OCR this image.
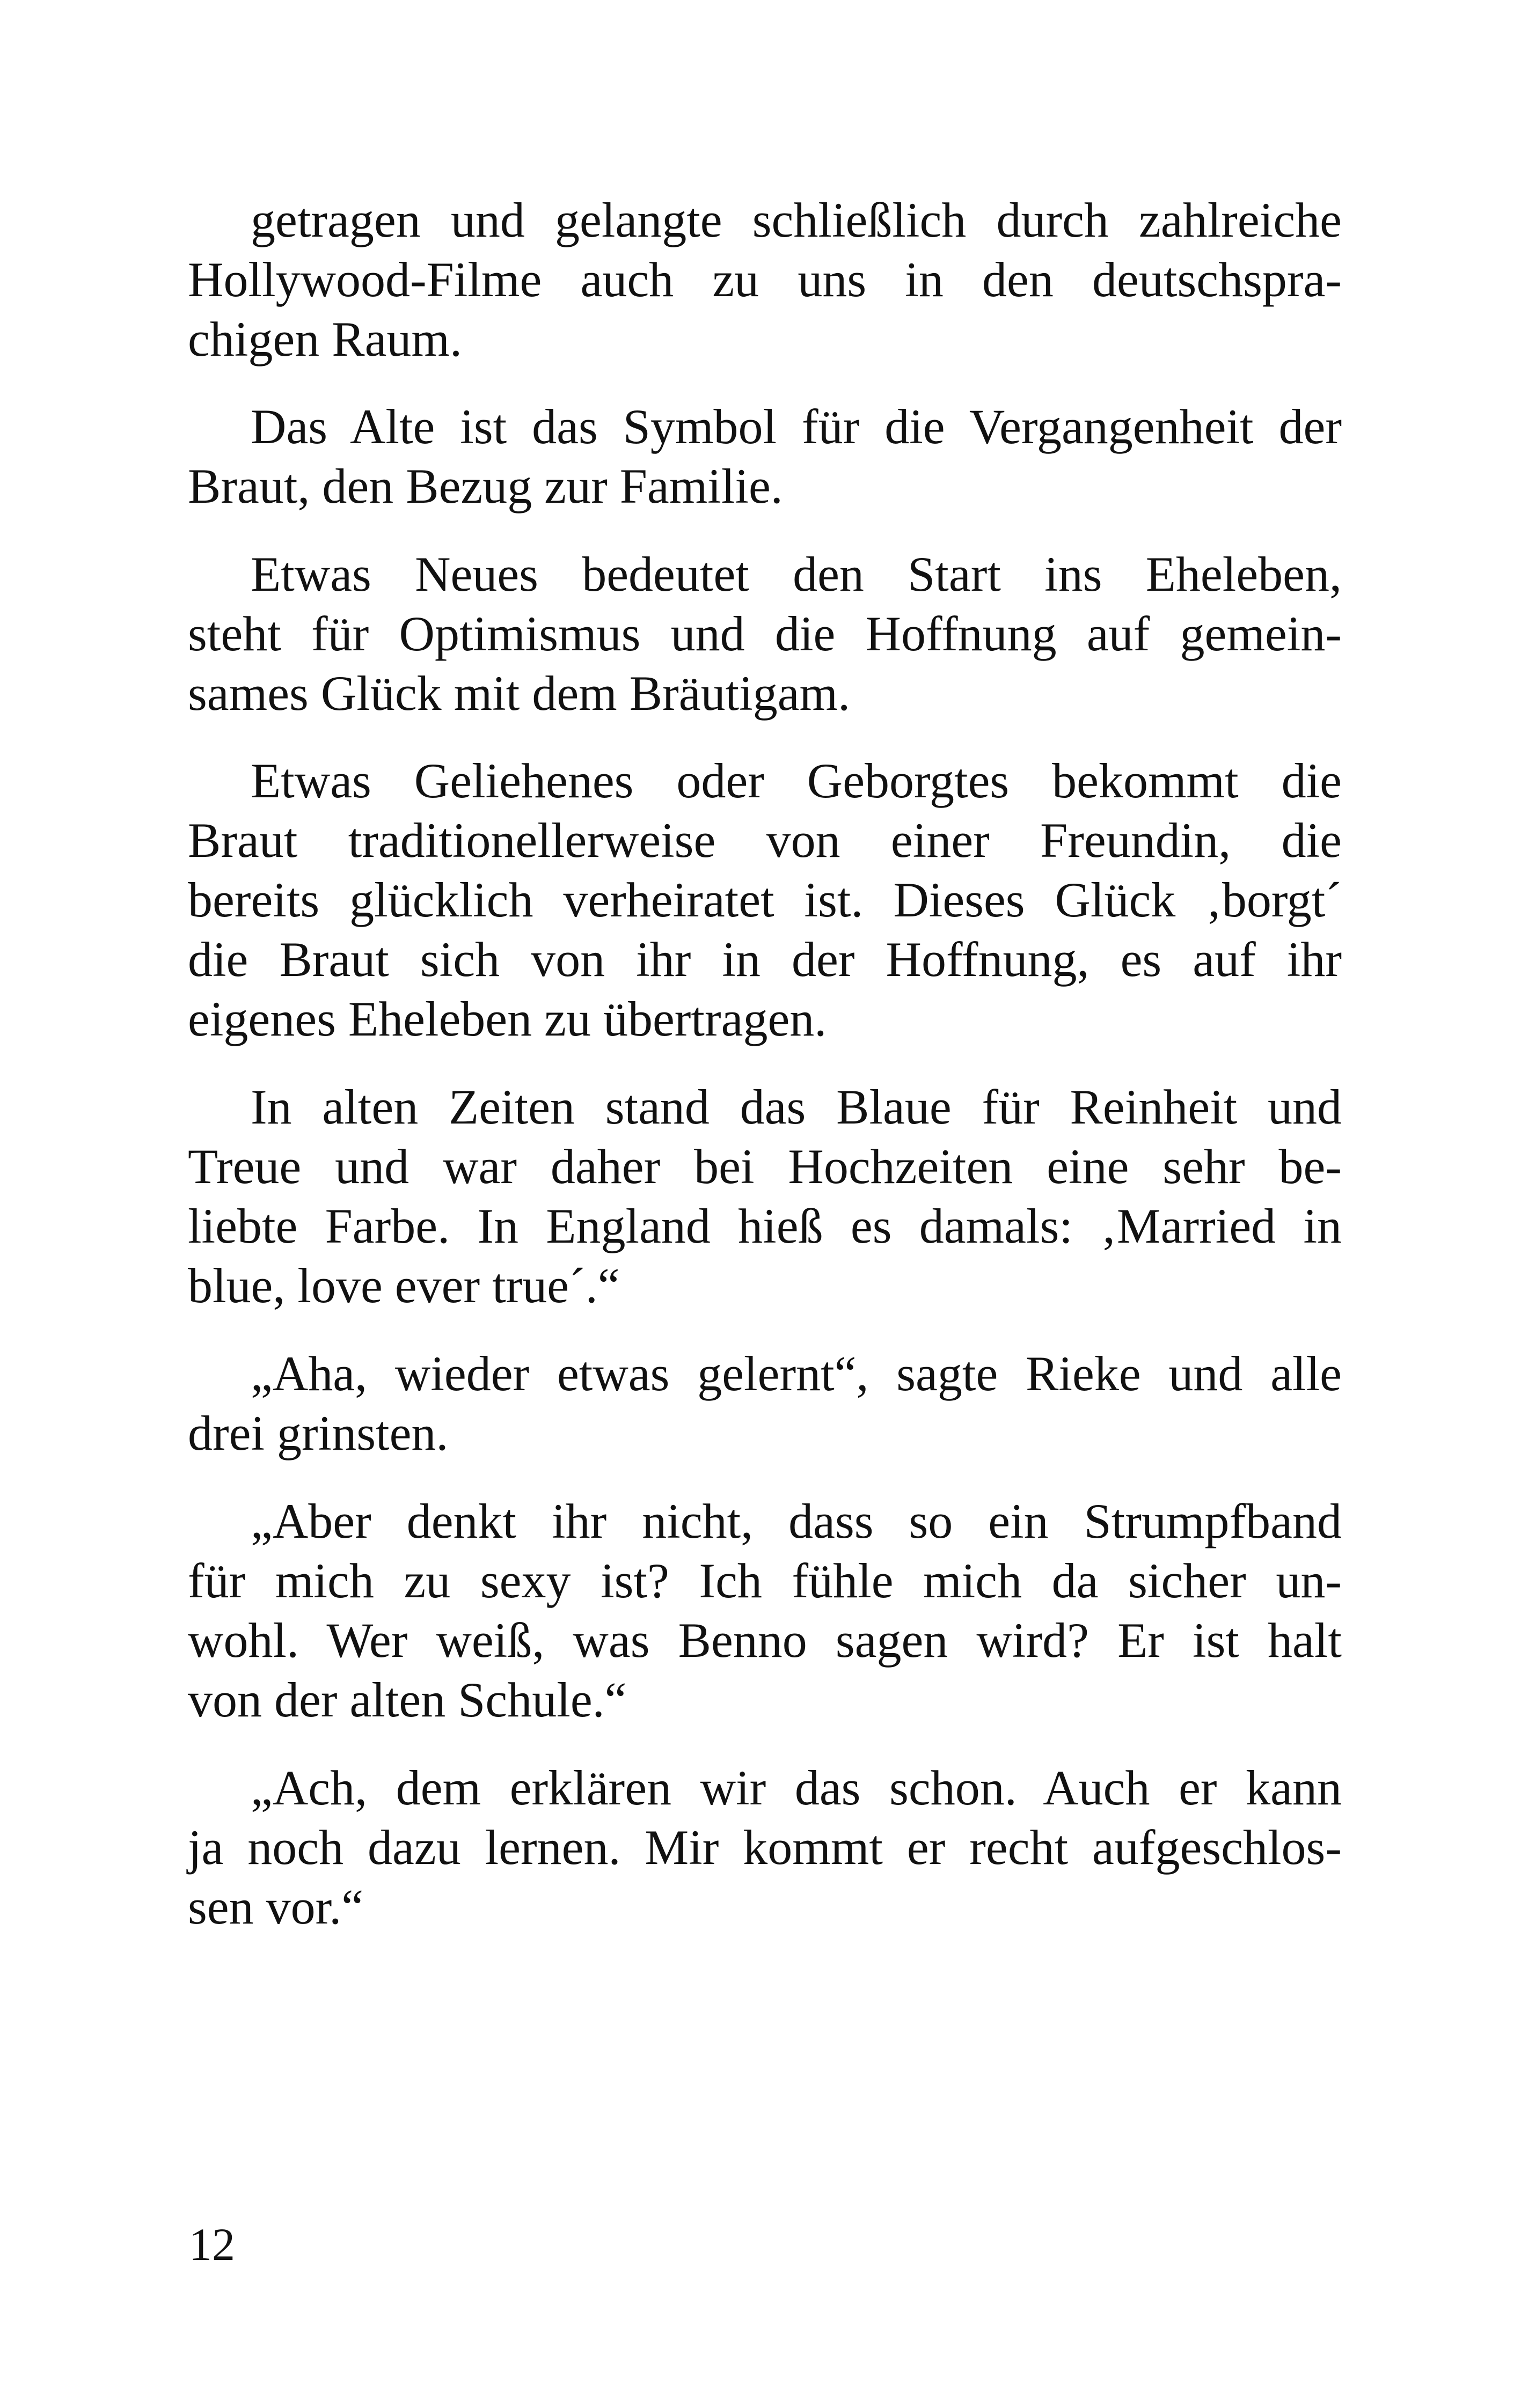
getragen und gelangte schließlich durch zahlreiche
Hollywood-Filme auch zu uns in den deutschspra-
chigen Raum.
Das Alte ist das Symbol für die Vergangenheit der
Braut, den Bezug zur Familie.
Etwas Neues bedeutet den Start ins Eheleben,
steht für Optimismus und die Hoffnung auf gemein-
sames Glück mit dem Bräutigam.
Etwas Geliehenes oder Geborgtes bekommt die
Braut traditionellerweise von einer Freundin, die
bereits glücklich verheiratet ist. Dieses Glück ‚borgt´
die Braut sich von ihr in der Hoffnung, es auf ihr
eigenes Eheleben zu übertragen.
In alten Zeiten stand das Blaue für Reinheit und
Treue und war daher bei Hochzeiten eine sehr be-
liebte Farbe. In England hieß es damals: ‚Married in
blue, love ever true´.“
„Aha, wieder etwas gelernt“, sagte Rieke und alle
drei grinsten.
„Aber denkt ihr nicht, dass so ein Strumpfband
für mich zu sexy ist? Ich fühle mich da sicher un-
wohl. Wer weiß, was Benno sagen wird? Er ist halt
von der alten Schule.“
„Ach, dem erklären wir das schon. Auch er kann
ja noch dazu lernen. Mir kommt er recht aufgeschlos-
sen vor.“
12
